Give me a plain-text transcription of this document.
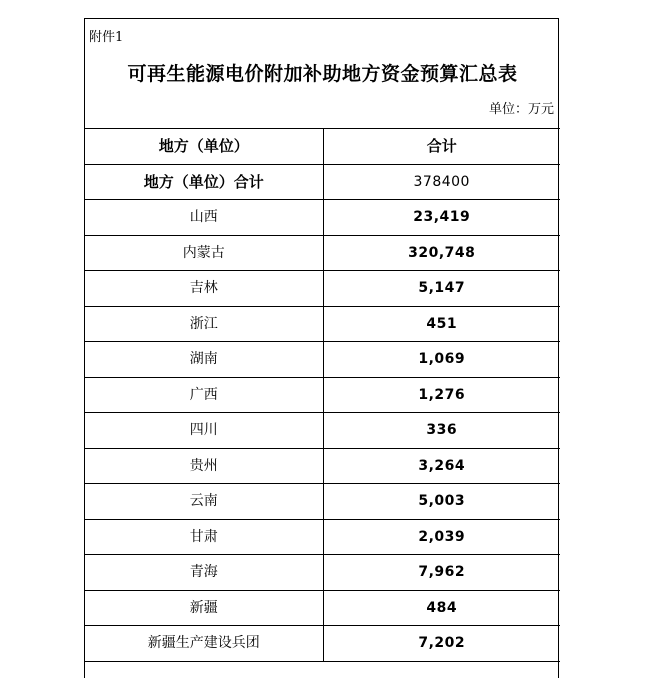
附件1
可再生能源电价附加补助地方资金预算汇总表
单位：万元
地方（单位）	合计
地方（单位）合计	378400
山西	23,419
内蒙古	320,748
吉林	5,147
浙江	451
湖南	1,069
广西	1,276
四川	336
贵州	3,264
云南	5,003
甘肃	2,039
青海	7,962
新疆	484
新疆生产建设兵团	7,202
